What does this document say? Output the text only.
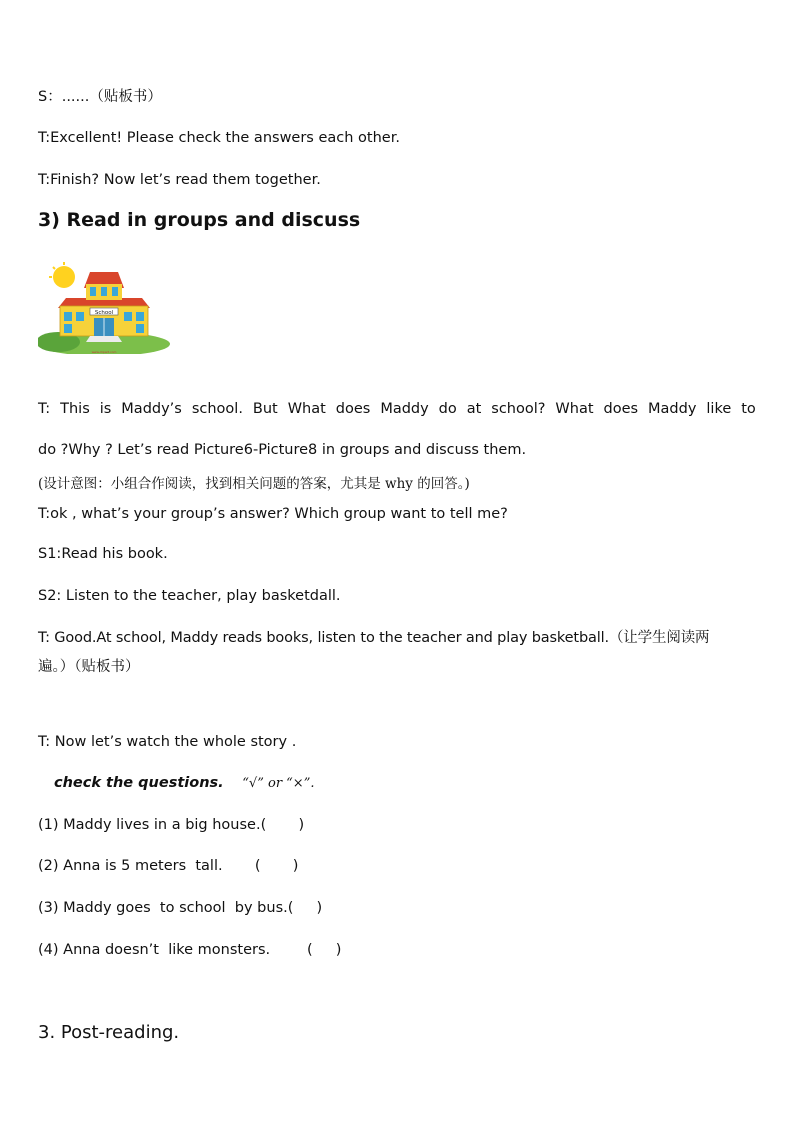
S：......（贴板书）
T:Excellent! Please check the answers each other.
T:Finish? Now let’s read them together.
3) Read in groups and discuss
School
www.clipart.com
T: This is Maddy’s school. But What does Maddy do at school? What does Maddy like to
do ?Why ? Let’s read Picture6-Picture8 in groups and discuss them.
(设计意图：小组合作阅读，找到相关问题的答案，尤其是 why 的回答。)
T:ok , what’s your group’s answer? Which group want to tell me?
S1:Read his book.
S2: Listen to the teacher, play basketdall.
T: Good.At school, Maddy reads books, listen to the teacher and play basketball.（让学生阅读两
遍。）（贴板书）
T: Now let’s watch the whole story .
check the questions. “√” or “×”.
(1) Maddy lives in a big house.(       )
(2) Anna is 5 meters  tall.       (       )
(3) Maddy goes  to school  by bus.(     )
(4) Anna doesn’t  like monsters.        (     )
3. Post-reading.
